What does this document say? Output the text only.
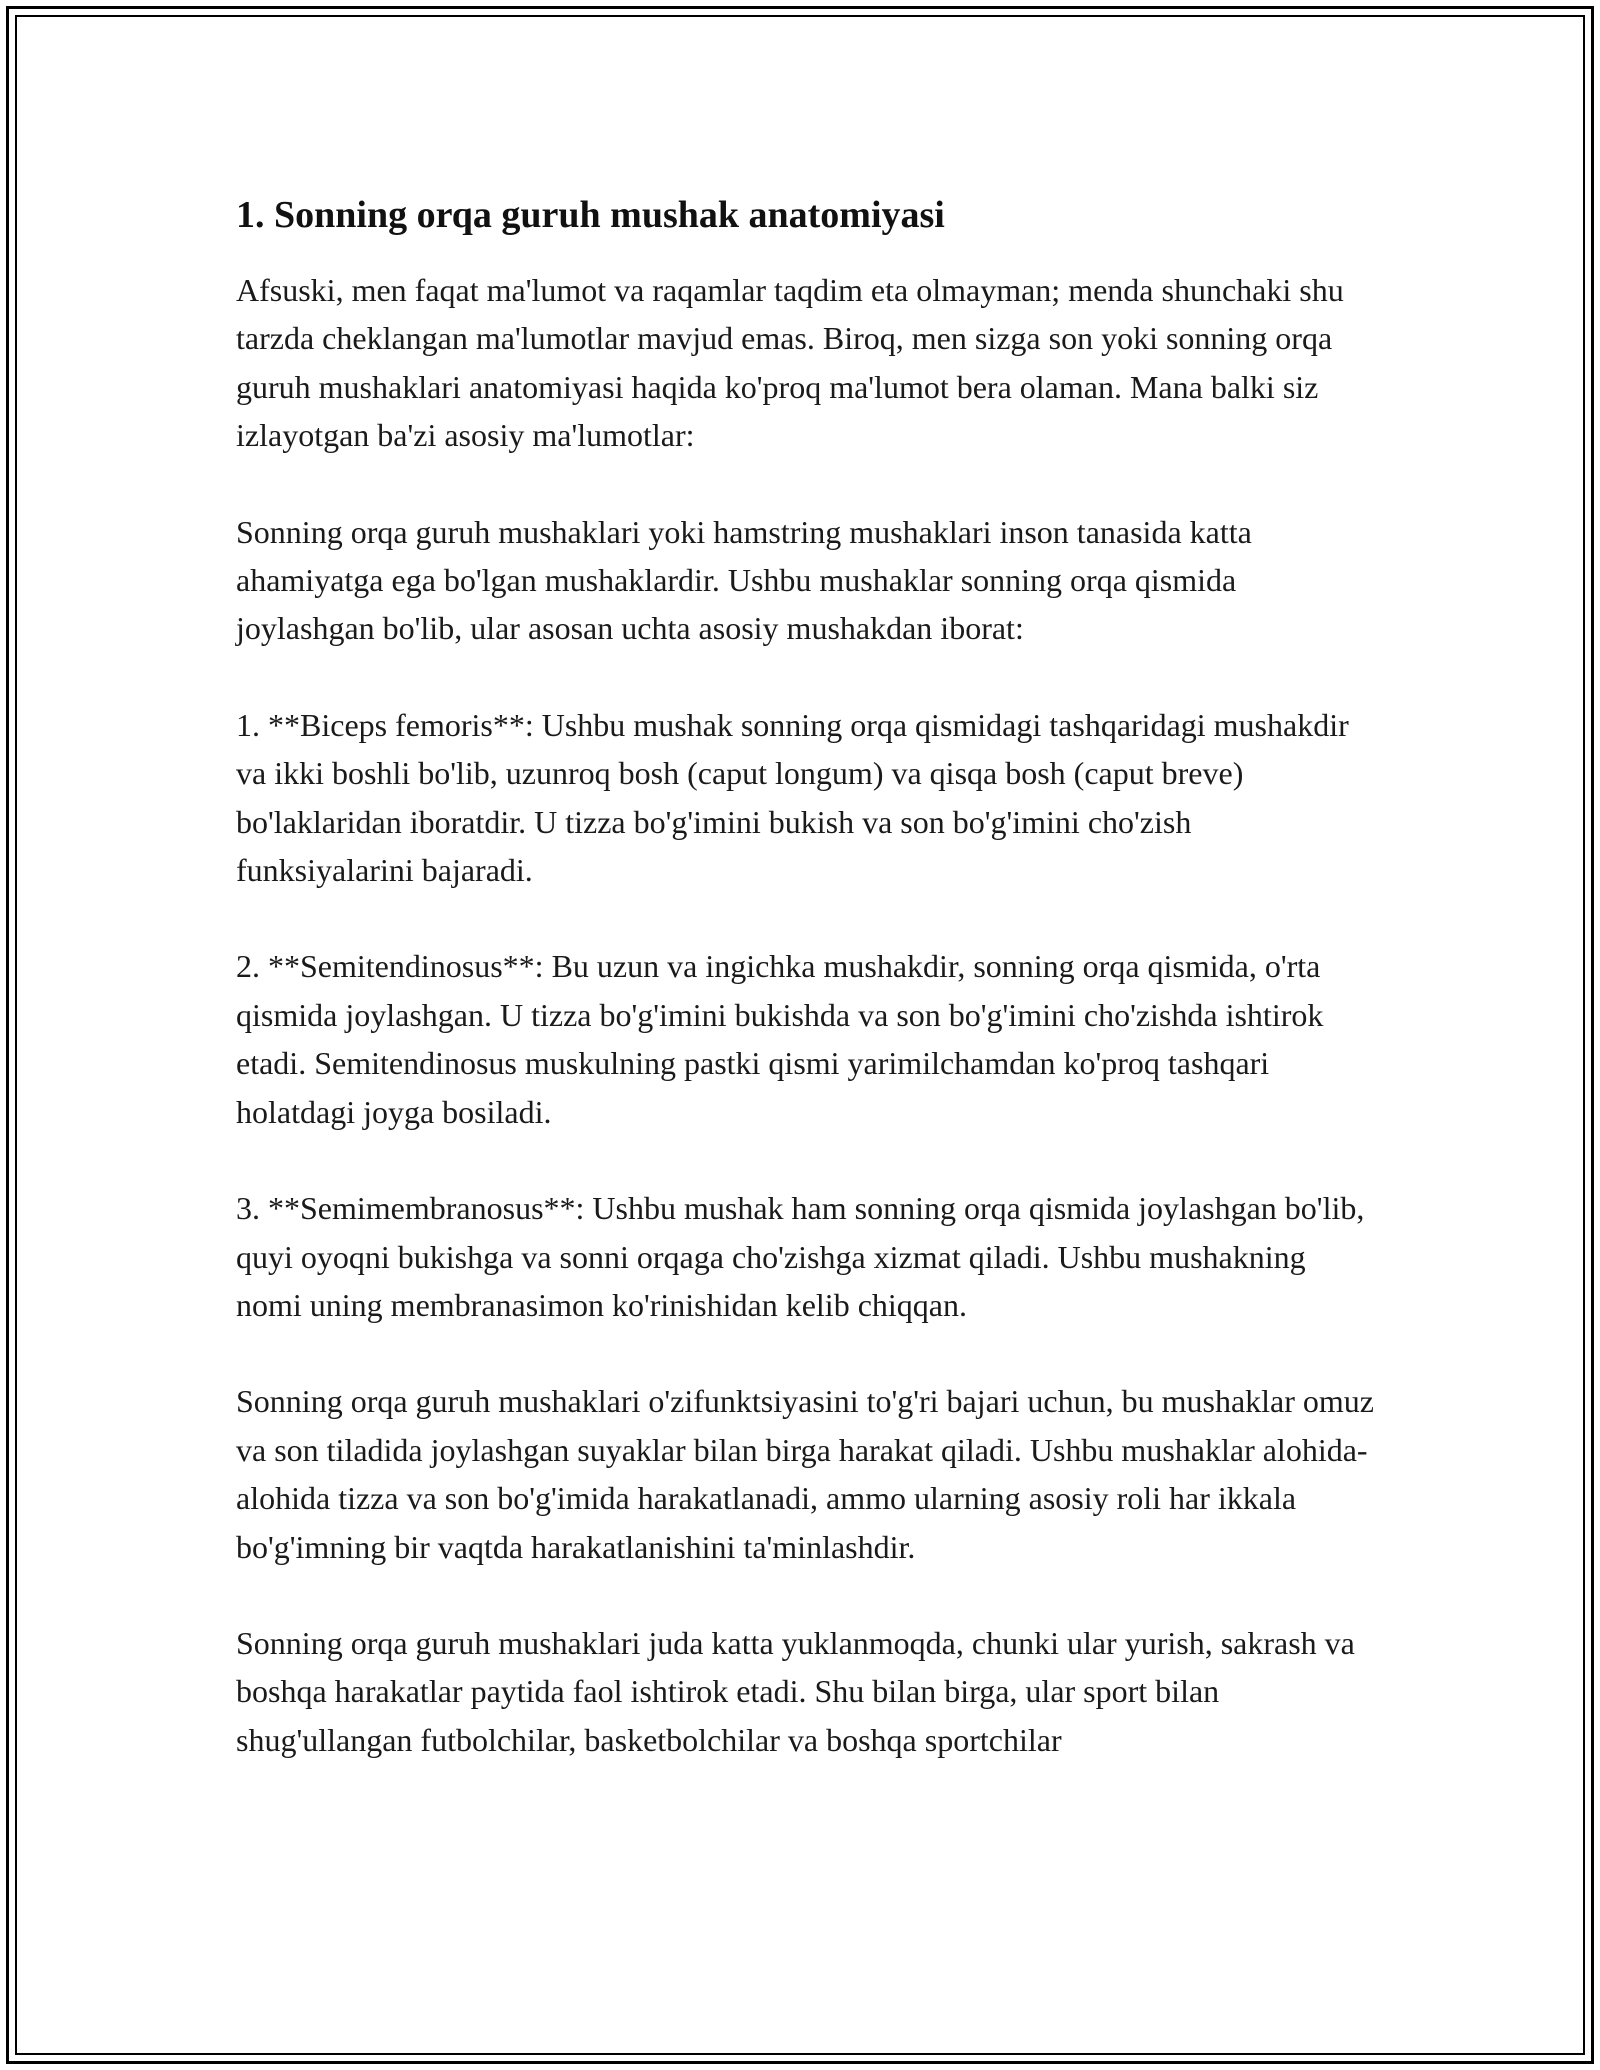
1. Sonning orqa guruh mushak anatomiyasi

Afsuski, men faqat ma'lumot va raqamlar taqdim eta olmayman; menda shunchaki shu tarzda cheklangan ma'lumotlar mavjud emas. Biroq, men sizga son yoki sonning orqa guruh mushaklari anatomiyasi haqida ko'proq ma'lumot bera olaman. Mana balki siz izlayotgan ba'zi asosiy ma'lumotlar:

Sonning orqa guruh mushaklari yoki hamstring mushaklari inson tanasida katta ahamiyatga ega bo'lgan mushaklardir. Ushbu mushaklar sonning orqa qismida joylashgan bo'lib, ular asosan uchta asosiy mushakdan iborat:

1. **Biceps femoris**: Ushbu mushak sonning orqa qismidagi tashqaridagi mushakdir va ikki boshli bo'lib, uzunroq bosh (caput longum) va qisqa bosh (caput breve) bo'laklaridan iboratdir. U tizza bo'g'imini bukish va son bo'g'imini cho'zish funksiyalarini bajaradi.

2. **Semitendinosus**: Bu uzun va ingichka mushakdir, sonning orqa qismida, o'rta qismida joylashgan. U tizza bo'g'imini bukishda va son bo'g'imini cho'zishda ishtirok etadi. Semitendinosus muskulning pastki qismi yarimilchamdan ko'proq tashqari holatdagi joyga bosiladi.

3. **Semimembranosus**: Ushbu mushak ham sonning orqa qismida joylashgan bo'lib, quyi oyoqni bukishga va sonni orqaga cho'zishga xizmat qiladi. Ushbu mushakning nomi uning membranasimon ko'rinishidan kelib chiqqan.

Sonning orqa guruh mushaklari o'zifunktsiyasini to'g'ri bajari uchun, bu mushaklar omuz va son tiladida joylashgan suyaklar bilan birga harakat qiladi. Ushbu mushaklar alohida-alohida tizza va son bo'g'imida harakatlanadi, ammo ularning asosiy roli har ikkala bo'g'imning bir vaqtda harakatlanishini ta'minlashdir.

Sonning orqa guruh mushaklari juda katta yuklanmoqda, chunki ular yurish, sakrash va boshqa harakatlar paytida faol ishtirok etadi. Shu bilan birga, ular sport bilan shug'ullangan futbolchilar, basketbolchilar va boshqa sportchilar
